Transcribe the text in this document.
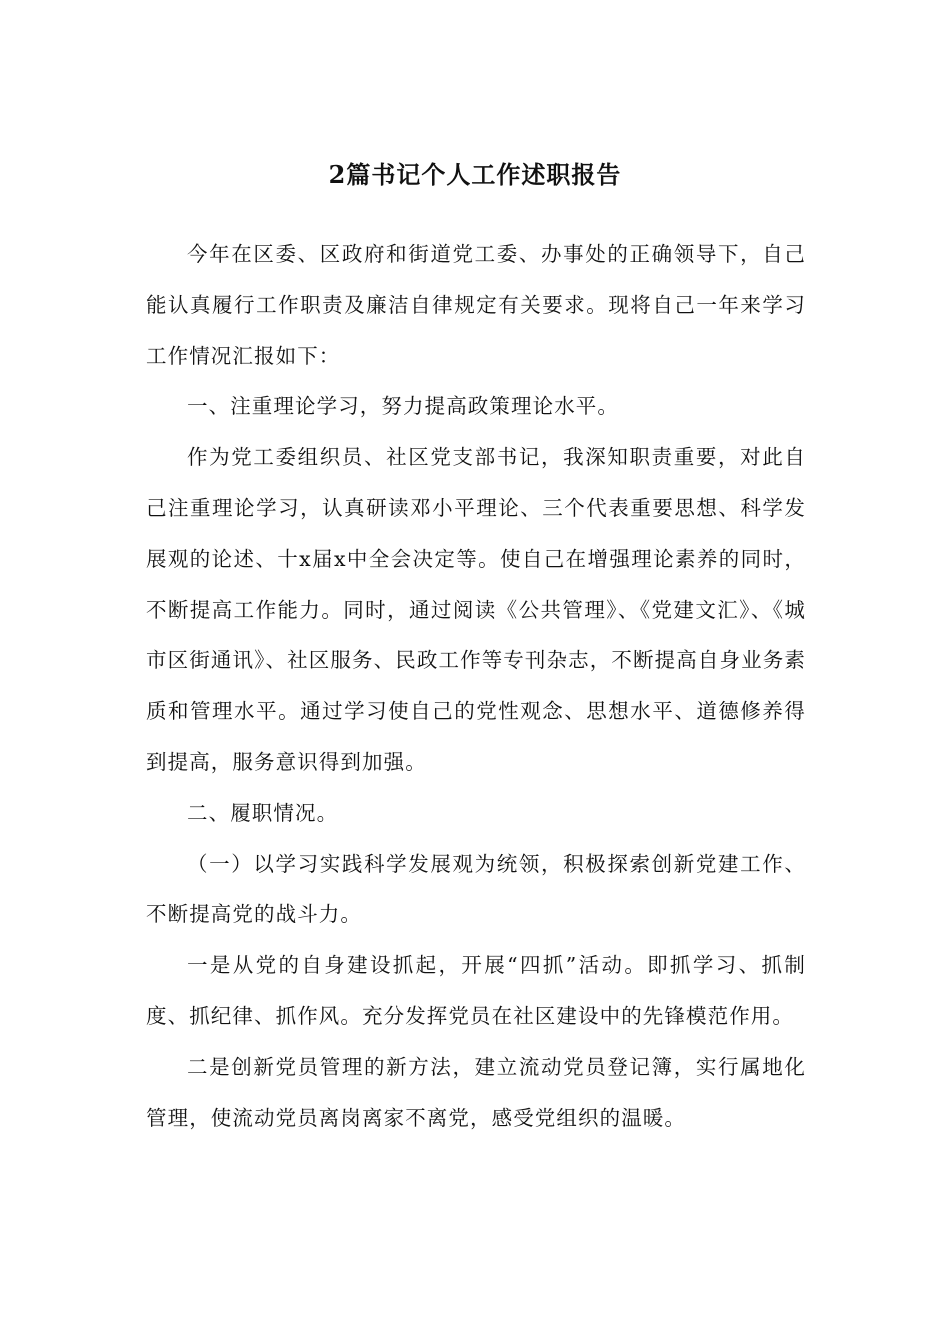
2篇书记个人工作述职报告

今年在区委、区政府和街道党工委、办事处的正确领导下，自己能认真履行工作职责及廉洁自律规定有关要求。现将自己一年来学习工作情况汇报如下：

一、注重理论学习，努力提高政策理论水平。

作为党工委组织员、社区党支部书记，我深知职责重要，对此自己注重理论学习，认真研读邓小平理论、三个代表重要思想、科学发展观的论述、十x届x中全会决定等。使自己在增强理论素养的同时，不断提高工作能力。同时，通过阅读《公共管理》、《党建文汇》、《城市区街通讯》、社区服务、民政工作等专刊杂志，不断提高自身业务素质和管理水平。通过学习使自己的党性观念、思想水平、道德修养得到提高，服务意识得到加强。

二、履职情况。

（一）以学习实践科学发展观为统领，积极探索创新党建工作、不断提高党的战斗力。

一是从党的自身建设抓起，开展“四抓”活动。即抓学习、抓制度、抓纪律、抓作风。充分发挥党员在社区建设中的先锋模范作用。

二是创新党员管理的新方法，建立流动党员登记簿，实行属地化管理，使流动党员离岗离家不离党，感受党组织的温暖。
